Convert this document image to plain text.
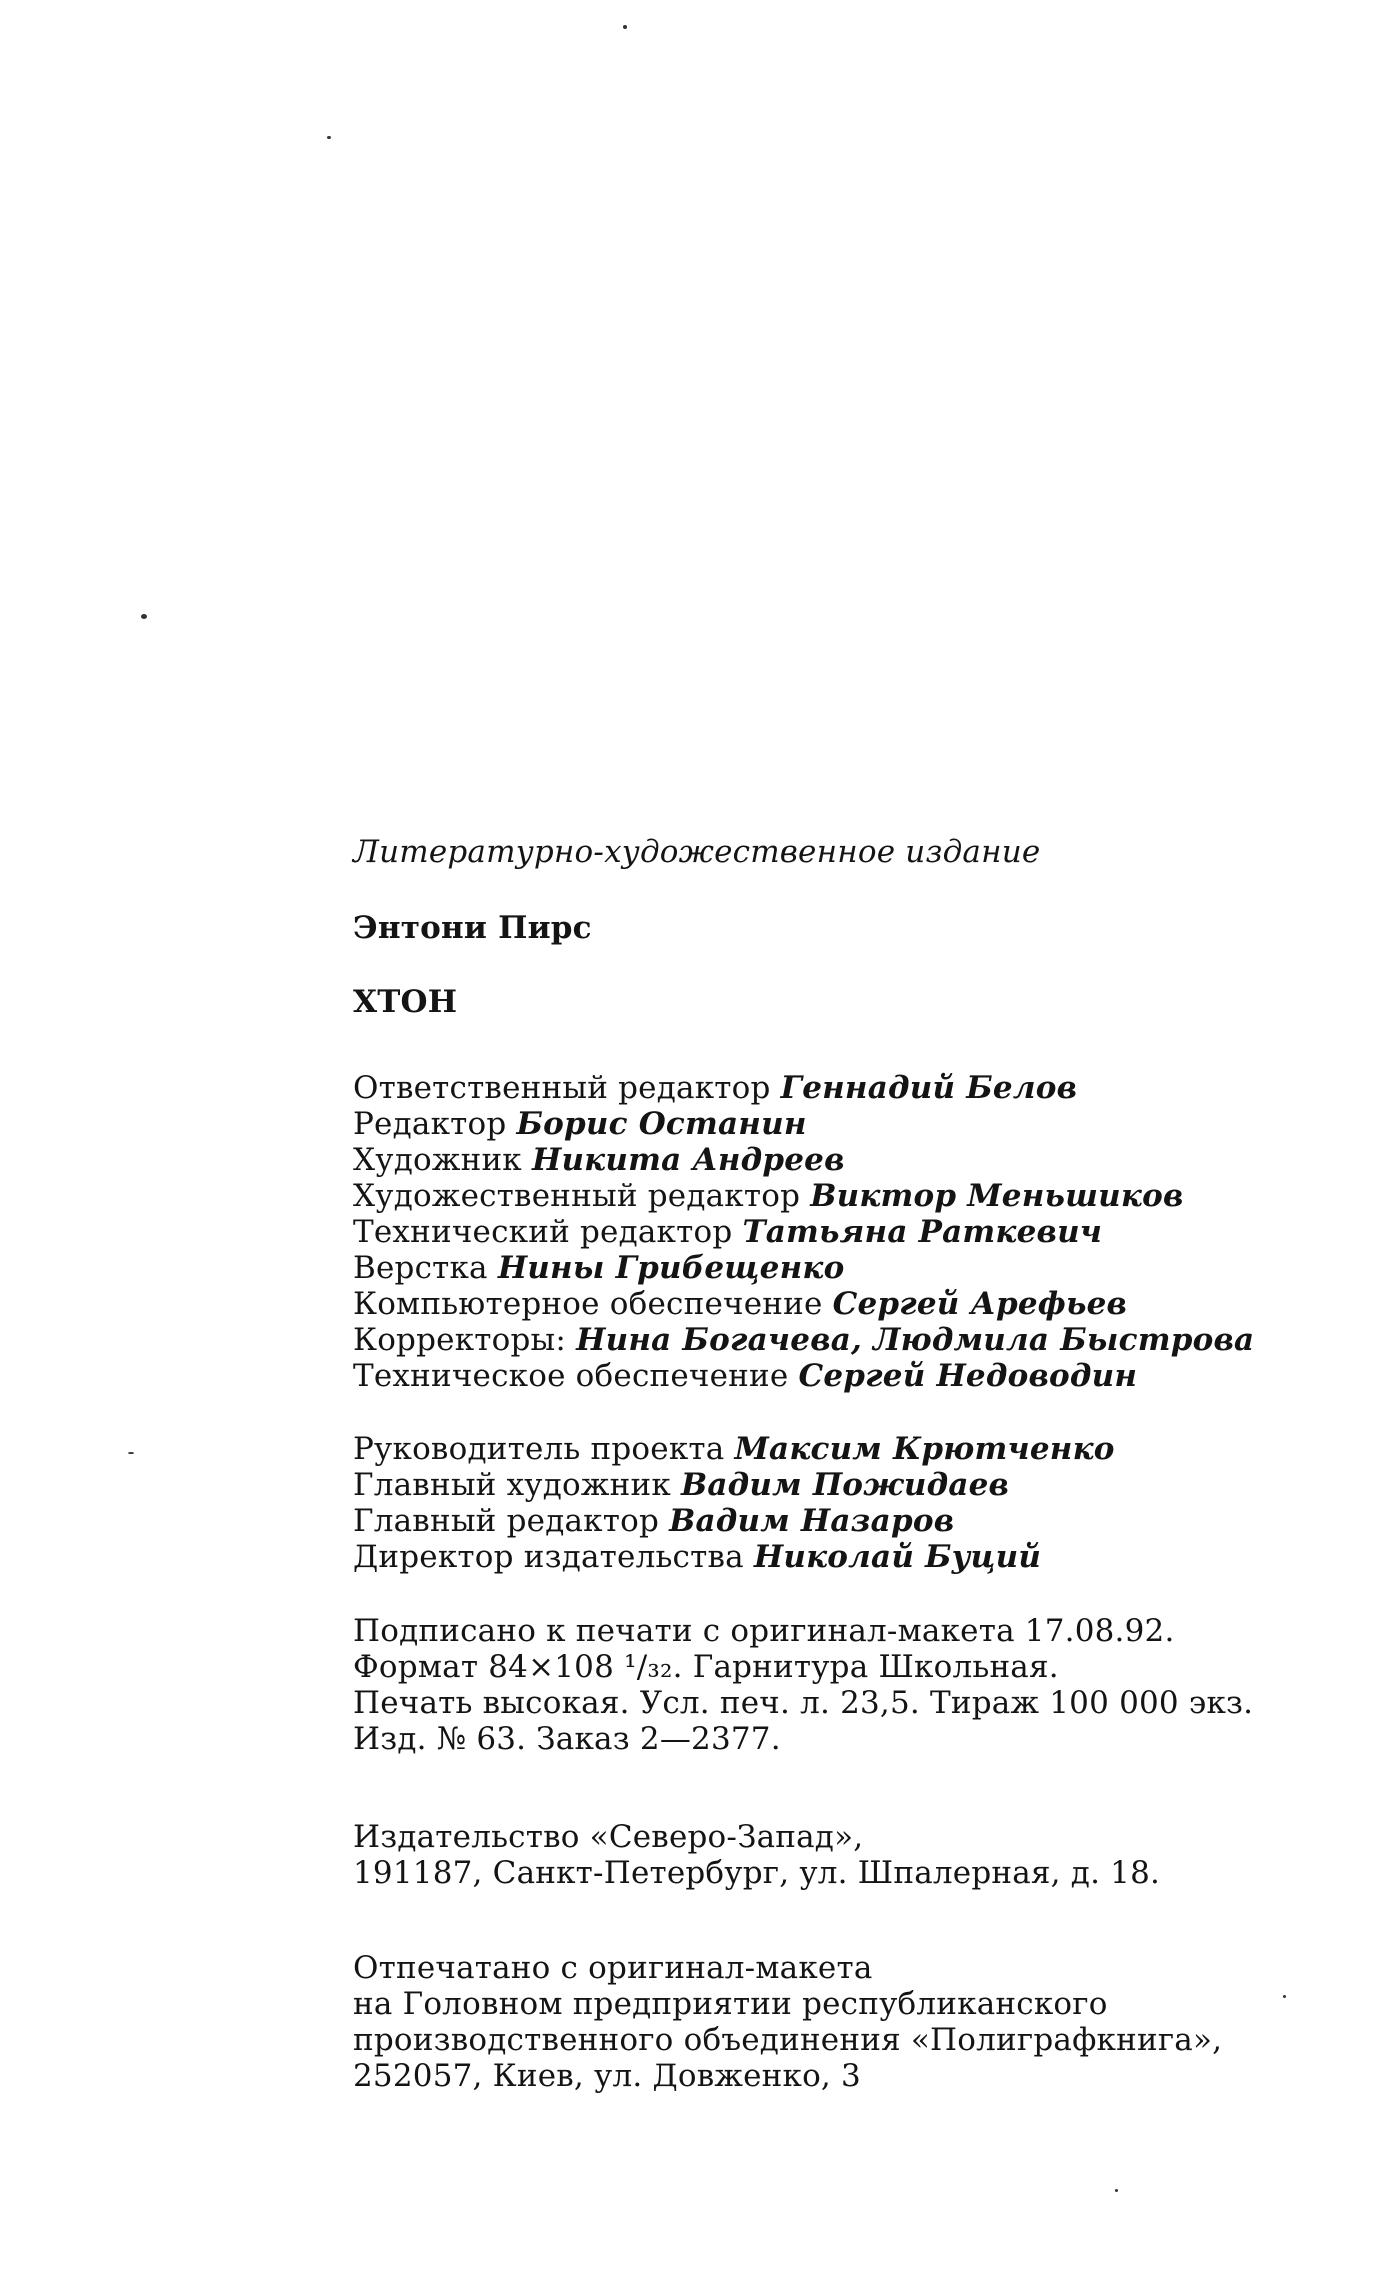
Литературно-художественное издание

Энтони Пирс

ХТОН

Ответственный редактор Геннадий Белов
Редактор Борис Останин
Художник Никита Андреев
Художественный редактор Виктор Меньшиков
Технический редактор Татьяна Раткевич
Верстка Нины Грибещенко
Компьютерное обеспечение Сергей Арефьев
Корректоры: Нина Богачева, Людмила Быстрова
Техническое обеспечение Сергей Недоводин
Руководитель проекта Максим Крютченко
Главный художник Вадим Пожидаев
Главный редактор Вадим Назаров
Директор издательства Николай Буций
Подписано к печати с оригинал-макета 17.08.92.
Формат 84×108 ¹/₃₂. Гарнитура Школьная.
Печать высокая. Усл. печ. л. 23,5. Тираж 100 000 экз.
Изд. № 63. Заказ 2—2377.
Издательство «Северо-Запад»,
191187, Санкт-Петербург, ул. Шпалерная, д. 18.
Отпечатано с оригинал-макета
на Головном предприятии республиканского
производственного объединения «Полиграфкнига»,
252057, Киев, ул. Довженко, 3
